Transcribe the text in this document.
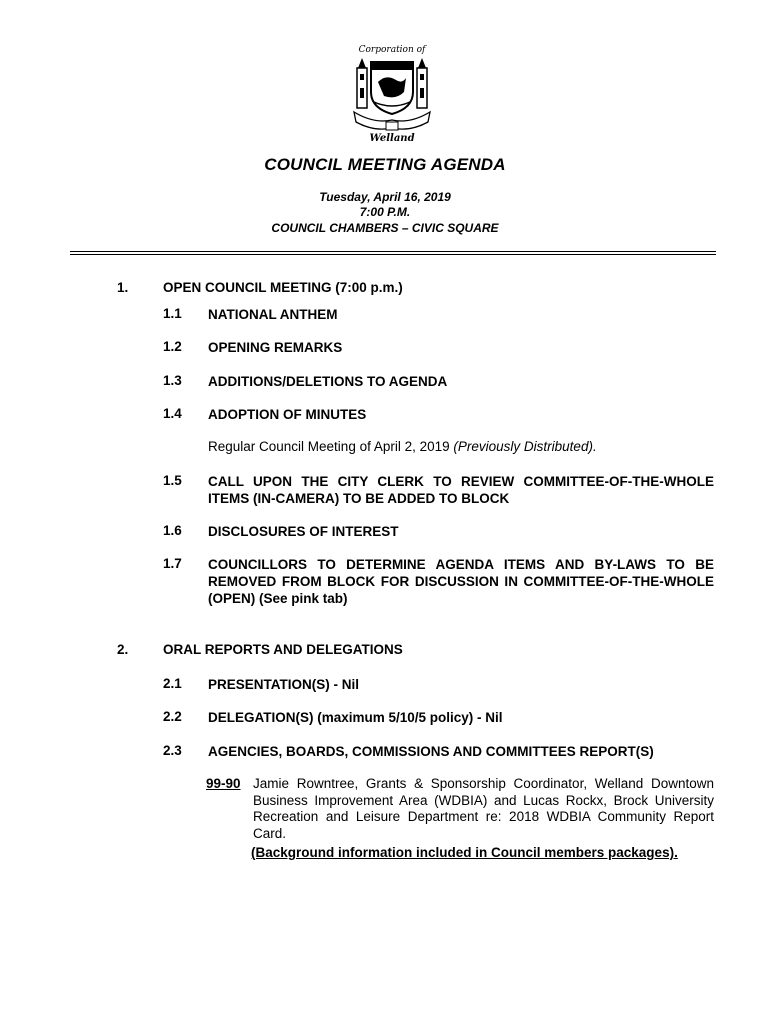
Corporation of
Welland
COUNCIL MEETING AGENDA
Tuesday, April 16, 2019
7:00 P.M.
COUNCIL CHAMBERS – CIVIC SQUARE
1.	OPEN COUNCIL MEETING (7:00 p.m.)
1.1 NATIONAL ANTHEM
1.2 OPENING REMARKS
1.3 ADDITIONS/DELETIONS TO AGENDA
1.4 ADOPTION OF MINUTES
Regular Council Meeting of April 2, 2019 (Previously Distributed).
1.5 CALL UPON THE CITY CLERK TO REVIEW COMMITTEE-OF-THE-WHOLE ITEMS (IN-CAMERA) TO BE ADDED TO BLOCK
1.6 DISCLOSURES OF INTEREST
1.7 COUNCILLORS TO DETERMINE AGENDA ITEMS AND BY-LAWS TO BE REMOVED FROM BLOCK FOR DISCUSSION IN COMMITTEE-OF-THE-WHOLE (OPEN) (See pink tab)
2.	ORAL REPORTS AND DELEGATIONS
2.1 PRESENTATION(S) - Nil
2.2 DELEGATION(S) (maximum 5/10/5 policy) - Nil
2.3 AGENCIES, BOARDS, COMMISSIONS AND COMMITTEES REPORT(S)
99-90 Jamie Rowntree, Grants & Sponsorship Coordinator, Welland Downtown Business Improvement Area (WDBIA) and Lucas Rockx, Brock University Recreation and Leisure Department re: 2018 WDBIA Community Report Card.
(Background information included in Council members packages).
